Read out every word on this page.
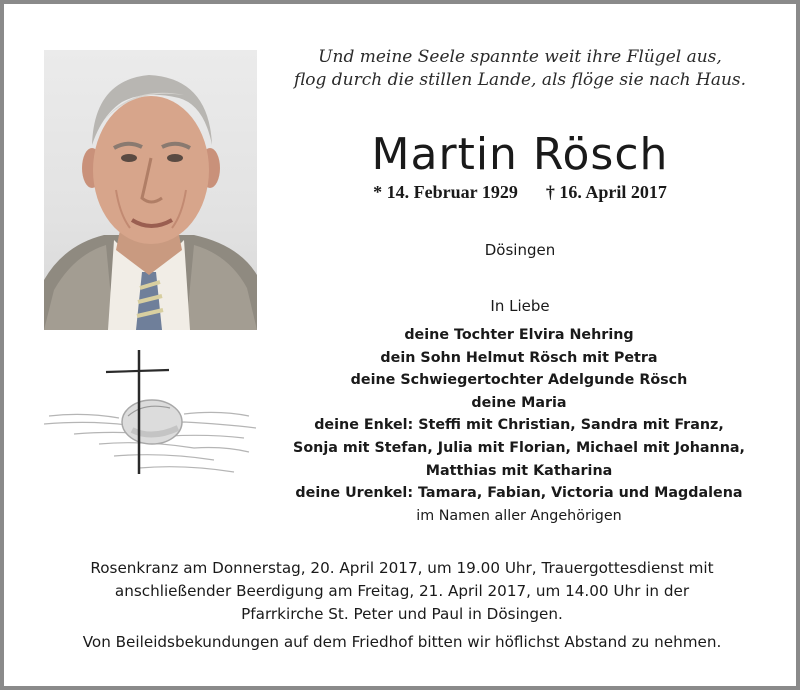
Und meine Seele spannte weit ihre Flügel aus,
flog durch die stillen Lande, als flöge sie nach Haus.
Martin Rösch
* 14. Februar 1929 † 16. April 2017
Dösingen
In Liebe
deine Tochter Elvira Nehring
dein Sohn Helmut Rösch mit Petra
deine Schwiegertochter Adelgunde Rösch
deine Maria
deine Enkel: Steffi mit Christian, Sandra mit Franz,
Sonja mit Stefan, Julia mit Florian, Michael mit Johanna,
Matthias mit Katharina
deine Urenkel: Tamara, Fabian, Victoria und Magdalena
im Namen aller Angehörigen
Rosenkranz am Donnerstag, 20. April 2017, um 19.00 Uhr, Trauergottesdienst mit
anschließender Beerdigung am Freitag, 21. April 2017, um 14.00 Uhr in der
Pfarrkirche St. Peter und Paul in Dösingen.
Von Beileidsbekundungen auf dem Friedhof bitten wir höflichst Abstand zu nehmen.
